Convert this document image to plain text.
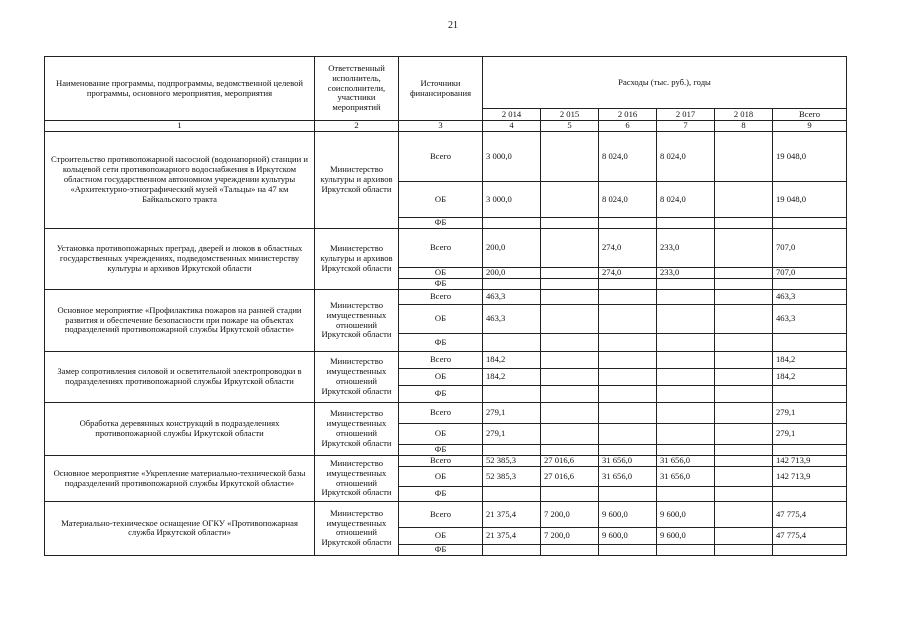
21
Наименование программы, подпрограммы, ведомственной целевой программы, основного мероприятия, мероприятия	Ответственный исполнитель, соисполнители, участники мероприятий	Источники финансирования	Расходы (тыс. руб.), годы					
			2 014	2 015	2 016	2 017	2 018	Всего
1	2	3	4	5	6	7	8	9
Строительство противопожарной насосной (водонапорной) станции и кольцевой сети противопожарного водоснабжения в Иркутском областном государственном автономном учреждении культуры «Архитектурно-этнографический музей «Тальцы» на 47 км Байкальского тракта	Министерство культуры и архивов Иркутской области	Всего	3 000,0		8 024,0	8 024,0		19 048,0
		ОБ	3 000,0		8 024,0	8 024,0		19 048,0
		ФБ						
Установка противопожарных преград, дверей и люков в областных государственных учреждениях, подведомственных министерству культуры и архивов Иркутской области	Министерство культуры и архивов Иркутской области	Всего	200,0		274,0	233,0		707,0
		ОБ	200,0		274,0	233,0		707,0
		ФБ						
Основное мероприятие «Профилактика пожаров на ранней стадии развития и обеспечение безопасности при пожаре на объектах подразделений противопожарной службы Иркутской области»	Министерство имущественных отношений Иркутской области	Всего	463,3					463,3
		ОБ	463,3					463,3
		ФБ						
Замер сопротивления силовой и осветительной электропроводки в подразделениях противопожарной службы Иркутской области	Министерство имущественных отношений Иркутской области	Всего	184,2					184,2
		ОБ	184,2					184,2
		ФБ						
Обработка деревянных конструкций в подразделениях противопожарной службы Иркутской области	Министерство имущественных отношений Иркутской области	Всего	279,1					279,1
		ОБ	279,1					279,1
		ФБ						
Основное мероприятие «Укрепление материально-технической базы подразделений противопожарной службы Иркутской области»	Министерство имущественных отношений Иркутской области	Всего	52 385,3	27 016,6	31 656,0	31 656,0		142 713,9
		ОБ	52 385,3	27 016,6	31 656,0	31 656,0		142 713,9
		ФБ						
Материально-техническое оснащение ОГКУ «Противопожарная служба Иркутской области»	Министерство имущественных отношений Иркутской области	Всего	21 375,4	7 200,0	9 600,0	9 600,0		47 775,4
		ОБ	21 375,4	7 200,0	9 600,0	9 600,0		47 775,4
		ФБ						
